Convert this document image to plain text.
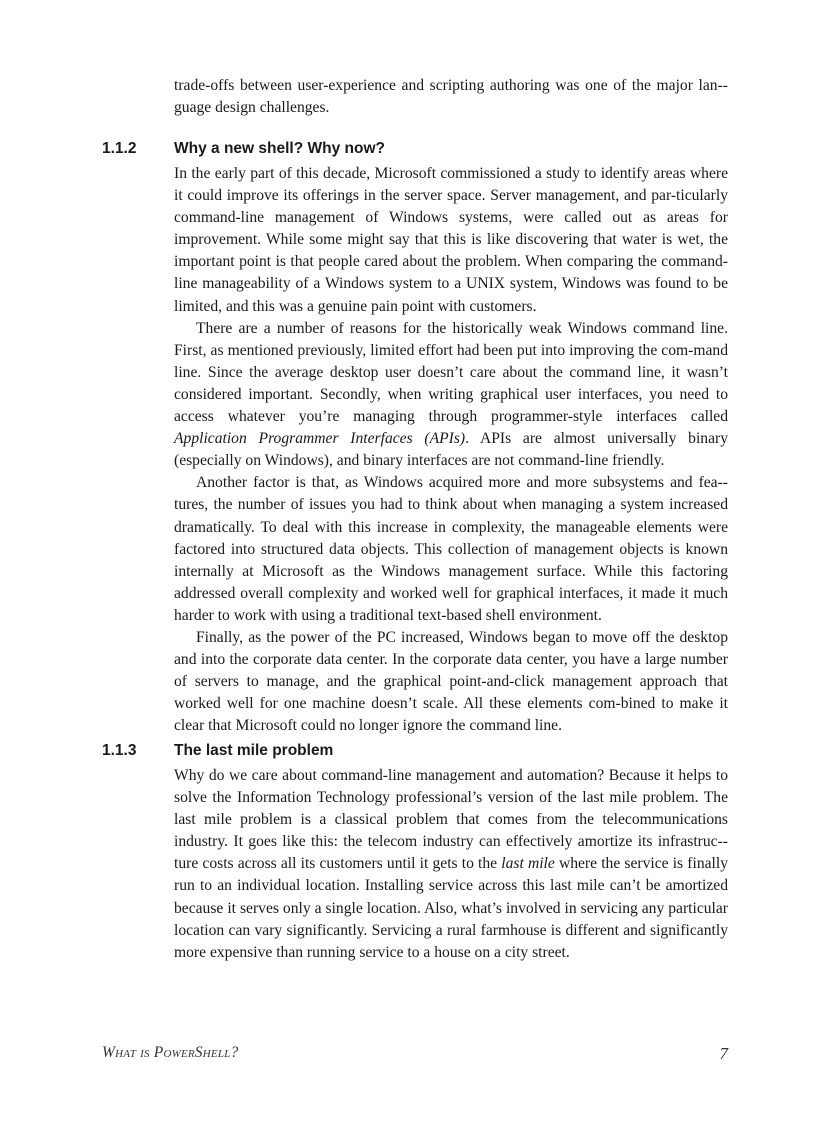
trade-offs between user-experience and scripting authoring was one of the major lan-guage design challenges.

1.1.2 Why a new shell? Why now?

In the early part of this decade, Microsoft commissioned a study to identify areas where it could improve its offerings in the server space. Server management, and par-ticularly command-line management of Windows systems, were called out as areas for improvement. While some might say that this is like discovering that water is wet, the important point is that people cared about the problem. When comparing the command-line manageability of a Windows system to a UNIX system, Windows was found to be limited, and this was a genuine pain point with customers.

There are a number of reasons for the historically weak Windows command line. First, as mentioned previously, limited effort had been put into improving the com-mand line. Since the average desktop user doesn’t care about the command line, it wasn’t considered important. Secondly, when writing graphical user interfaces, you need to access whatever you’re managing through programmer-style interfaces called Application Programmer Interfaces (APIs). APIs are almost universally binary (especially on Windows), and binary interfaces are not command-line friendly.

Another factor is that, as Windows acquired more and more subsystems and fea-tures, the number of issues you had to think about when managing a system increased dramatically. To deal with this increase in complexity, the manageable elements were factored into structured data objects. This collection of management objects is known internally at Microsoft as the Windows management surface. While this factoring addressed overall complexity and worked well for graphical interfaces, it made it much harder to work with using a traditional text-based shell environment.

Finally, as the power of the PC increased, Windows began to move off the desktop and into the corporate data center. In the corporate data center, you have a large number of servers to manage, and the graphical point-and-click management approach that worked well for one machine doesn’t scale. All these elements com-bined to make it clear that Microsoft could no longer ignore the command line.

1.1.3 The last mile problem

Why do we care about command-line management and automation? Because it helps to solve the Information Technology professional’s version of the last mile problem. The last mile problem is a classical problem that comes from the telecommunications industry. It goes like this: the telecom industry can effectively amortize its infrastruc-ture costs across all its customers until it gets to the last mile where the service is finally run to an individual location. Installing service across this last mile can’t be amortized because it serves only a single location. Also, what’s involved in servicing any particular location can vary significantly. Servicing a rural farmhouse is different and significantly more expensive than running service to a house on a city street.

What is PowerShell?	7
